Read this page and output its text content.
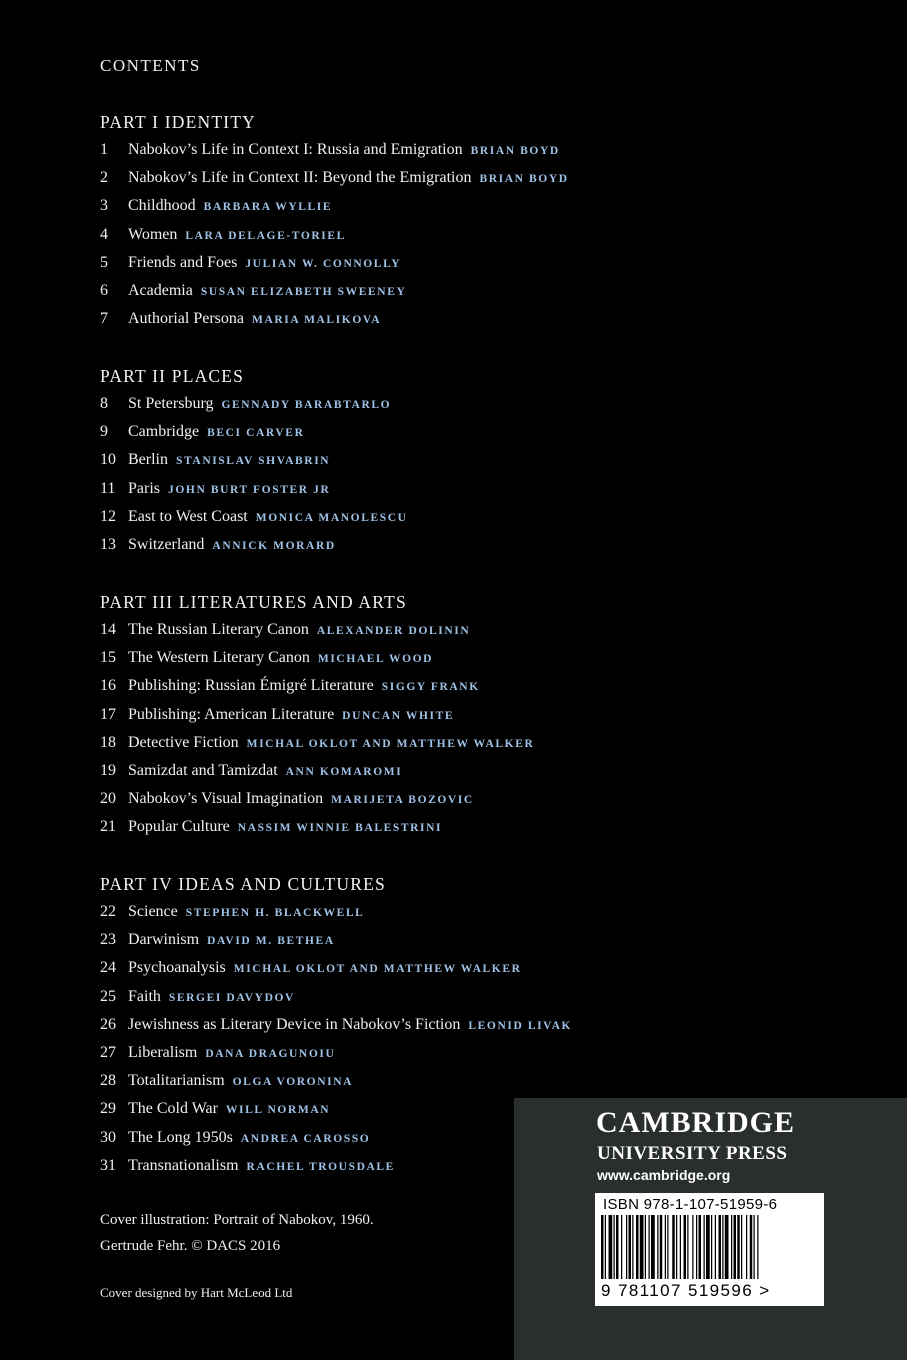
CONTENTS
PART I IDENTITY
1 Nabokov’s Life in Context I: Russia and Emigration BRIAN BOYD
2 Nabokov’s Life in Context II: Beyond the Emigration BRIAN BOYD
3 Childhood BARBARA WYLLIE
4 Women LARA DELAGE-TORIEL
5 Friends and Foes JULIAN W. CONNOLLY
6 Academia SUSAN ELIZABETH SWEENEY
7 Authorial Persona MARIA MALIKOVA
PART II PLACES
8 St Petersburg GENNADY BARABTARLO
9 Cambridge BECI CARVER
10 Berlin STANISLAV SHVABRIN
11 Paris JOHN BURT FOSTER JR
12 East to West Coast MONICA MANOLESCU
13 Switzerland ANNICK MORARD
PART III LITERATURES AND ARTS
14 The Russian Literary Canon ALEXANDER DOLININ
15 The Western Literary Canon MICHAEL WOOD
16 Publishing: Russian Émigré Literature SIGGY FRANK
17 Publishing: American Literature DUNCAN WHITE
18 Detective Fiction MICHAL OKLOT AND MATTHEW WALKER
19 Samizdat and Tamizdat ANN KOMAROMI
20 Nabokov’s Visual Imagination MARIJETA BOZOVIC
21 Popular Culture NASSIM WINNIE BALESTRINI
PART IV IDEAS AND CULTURES
22 Science STEPHEN H. BLACKWELL
23 Darwinism DAVID M. BETHEA
24 Psychoanalysis MICHAL OKLOT AND MATTHEW WALKER
25 Faith SERGEI DAVYDOV
26 Jewishness as Literary Device in Nabokov’s Fiction LEONID LIVAK
27 Liberalism DANA DRAGUNOIU
28 Totalitarianism OLGA VORONINA
29 The Cold War WILL NORMAN
30 The Long 1950s ANDREA CAROSSO
31 Transnationalism RACHEL TROUSDALE
Cover illustration: Portrait of Nabokov, 1960.
Gertrude Fehr. © DACS 2016
Cover designed by Hart McLeod Ltd
CAMBRIDGE
UNIVERSITY PRESS
www.cambridge.org
ISBN 978-1-107-51959-6
9 781107 519596 >
